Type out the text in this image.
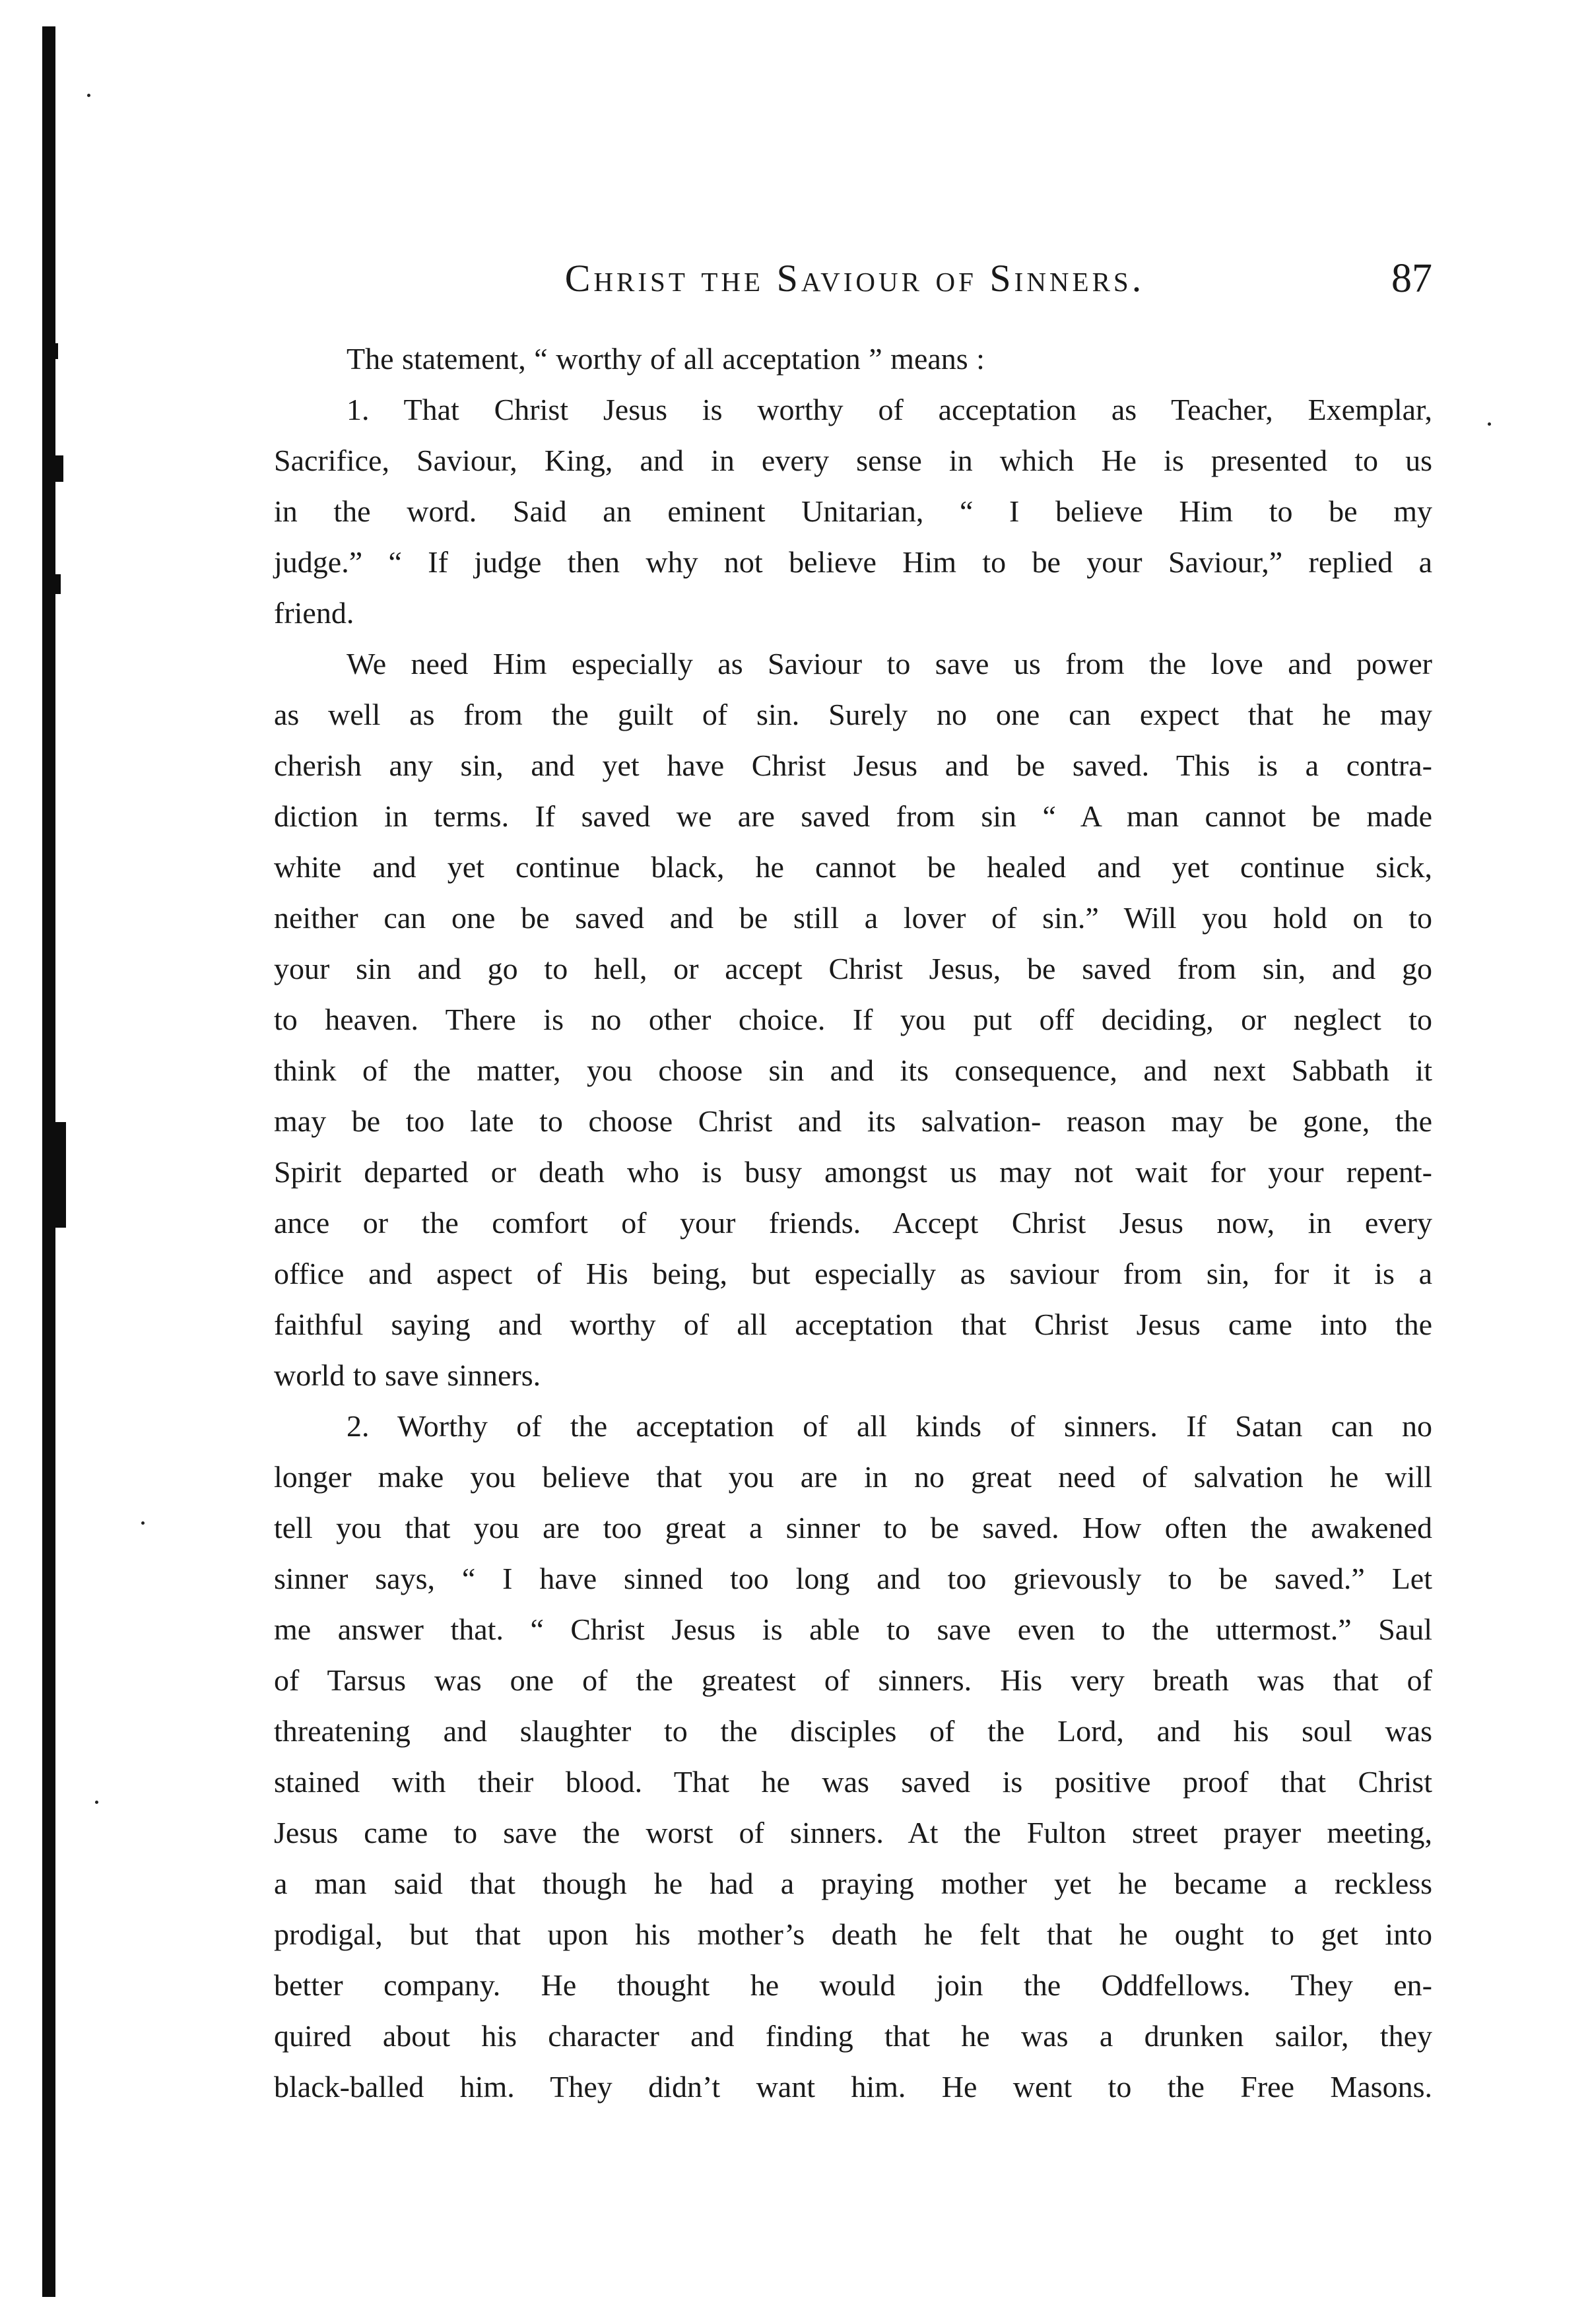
Christ the Saviour of Sinners.	87
The statement, “ worthy of all acceptation ” means :
1. That Christ Jesus is worthy of acceptation as Teacher, Exemplar,
Sacrifice, Saviour, King, and in every sense in which He is presented to us
in the word. Said an eminent Unitarian, “ I believe Him to be my
judge.” “ If judge then why not believe Him to be your Saviour,” replied a
friend.
We need Him especially as Saviour to save us from the love and power
as well as from the guilt of sin. Surely no one can expect that he may
cherish any sin, and yet have Christ Jesus and be saved. This is a contra-
diction in terms. If saved we are saved from sin “ A man cannot be made
white and yet continue black, he cannot be healed and yet continue sick,
neither can one be saved and be still a lover of sin.” Will you hold on to
your sin and go to hell, or accept Christ Jesus, be saved from sin, and go
to heaven. There is no other choice. If you put off deciding, or neglect to
think of the matter, you choose sin and its consequence, and next Sabbath it
may be too late to choose Christ and its salvation- reason may be gone, the
Spirit departed or death who is busy amongst us may not wait for your repent-
ance or the comfort of your friends. Accept Christ Jesus now, in every
office and aspect of His being, but especially as saviour from sin, for it is a
faithful saying and worthy of all acceptation that Christ Jesus came into the
world to save sinners.
2. Worthy of the acceptation of all kinds of sinners. If Satan can no
longer make you believe that you are in no great need of salvation he will
tell you that you are too great a sinner to be saved. How often the awakened
sinner says, “ I have sinned too long and too grievously to be saved.” Let
me answer that. “ Christ Jesus is able to save even to the uttermost.” Saul
of Tarsus was one of the greatest of sinners. His very breath was that of
threatening and slaughter to the disciples of the Lord, and his soul was
stained with their blood. That he was saved is positive proof that Christ
Jesus came to save the worst of sinners. At the Fulton street prayer meeting,
a man said that though he had a praying mother yet he became a reckless
prodigal, but that upon his mother’s death he felt that he ought to get into
better company. He thought he would join the Oddfellows. They en-
quired about his character and finding that he was a drunken sailor, they
black-balled him. They didn’t want him. He went to the Free Masons.
